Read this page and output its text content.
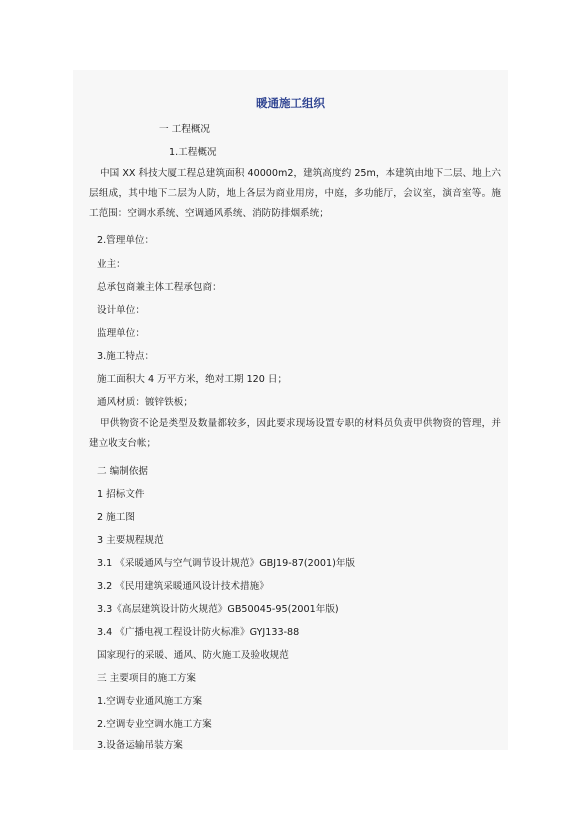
暖通施工组织
一 工程概况
1.工程概况
中国 XX 科技大厦工程总建筑面积 40000m2，建筑高度约 25m，本建筑由地下二层、地上六层组成，其中地下二层为人防，地上各层为商业用房，中庭，多功能厅，会议室，演音室等。施工范围：空调水系统、空调通风系统、消防防排烟系统；
2.管理单位：
业主：
总承包商兼主体工程承包商：
设计单位：
监理单位：
3.施工特点：
施工面积大 4 万平方米，绝对工期 120 日；
通风材质：镀锌铁板；
甲供物资不论是类型及数量都较多，因此要求现场设置专职的材料员负责甲供物资的管理，并建立收支台帐；
二 编制依据
1 招标文件
2 施工图
3 主要规程规范
3.1 《采暖通风与空气调节设计规范》GBJ19-87(2001)年版
3.2 《民用建筑采暖通风设计技术措施》
3.3《高层建筑设计防火规范》GB50045-95(2001年版)
3.4 《广播电视工程设计防火标准》GYJ133-88
国家现行的采暖、通风、防火施工及验收规范
三 主要项目的施工方案
1.空调专业通风施工方案
2.空调专业空调水施工方案
3.设备运输吊装方案
